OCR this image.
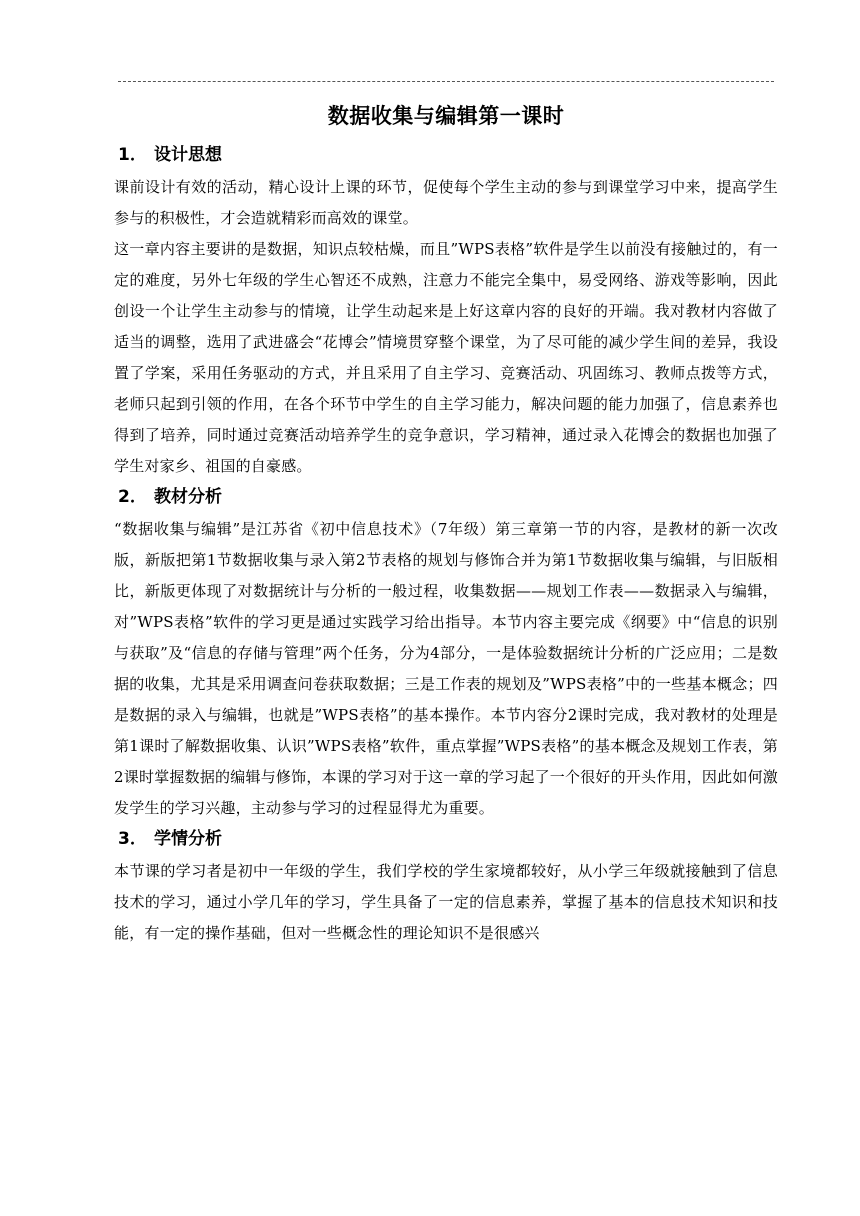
数据收集与编辑第一课时
1． 设计思想

课前设计有效的活动，精心设计上课的环节，促使每个学生主动的参与到课堂学习中来，提高学生参与的积极性，才会造就精彩而高效的课堂。

这一章内容主要讲的是数据，知识点较枯燥，而且”WPS表格”软件是学生以前没有接触过的，有一定的难度，另外七年级的学生心智还不成熟，注意力不能完全集中，易受网络、游戏等影响，因此创设一个让学生主动参与的情境，让学生动起来是上好这章内容的良好的开端。我对教材内容做了适当的调整，选用了武进盛会“花博会”情境贯穿整个课堂，为了尽可能的减少学生间的差异，我设置了学案，采用任务驱动的方式，并且采用了自主学习、竞赛活动、巩固练习、教师点拨等方式，老师只起到引领的作用，在各个环节中学生的自主学习能力，解决问题的能力加强了，信息素养也得到了培养，同时通过竞赛活动培养学生的竞争意识，学习精神，通过录入花博会的数据也加强了学生对家乡、祖国的自豪感。

2． 教材分析

“数据收集与编辑”是江苏省《初中信息技术》（7年级）第三章第一节的内容，是教材的新一次改版，新版把第1节数据收集与录入第2节表格的规划与修饰合并为第1节数据收集与编辑，与旧版相比，新版更体现了对数据统计与分析的一般过程，收集数据——规划工作表——数据录入与编辑，对”WPS表格”软件的学习更是通过实践学习给出指导。本节内容主要完成《纲要》中“信息的识别与获取”及“信息的存储与管理”两个任务，分为4部分，一是体验数据统计分析的广泛应用；二是数据的收集，尤其是采用调查问卷获取数据；三是工作表的规划及”WPS表格”中的一些基本概念；四是数据的录入与编辑，也就是”WPS表格”的基本操作。本节内容分2课时完成，我对教材的处理是第1课时了解数据收集、认识”WPS表格”软件，重点掌握”WPS表格”的基本概念及规划工作表，第2课时掌握数据的编辑与修饰，本课的学习对于这一章的学习起了一个很好的开头作用，因此如何激发学生的学习兴趣，主动参与学习的过程显得尤为重要。

3． 学情分析

本节课的学习者是初中一年级的学生，我们学校的学生家境都较好，从小学三年级就接触到了信息技术的学习，通过小学几年的学习，学生具备了一定的信息素养，掌握了基本的信息技术知识和技能，有一定的操作基础，但对一些概念性的理论知识不是很感兴
